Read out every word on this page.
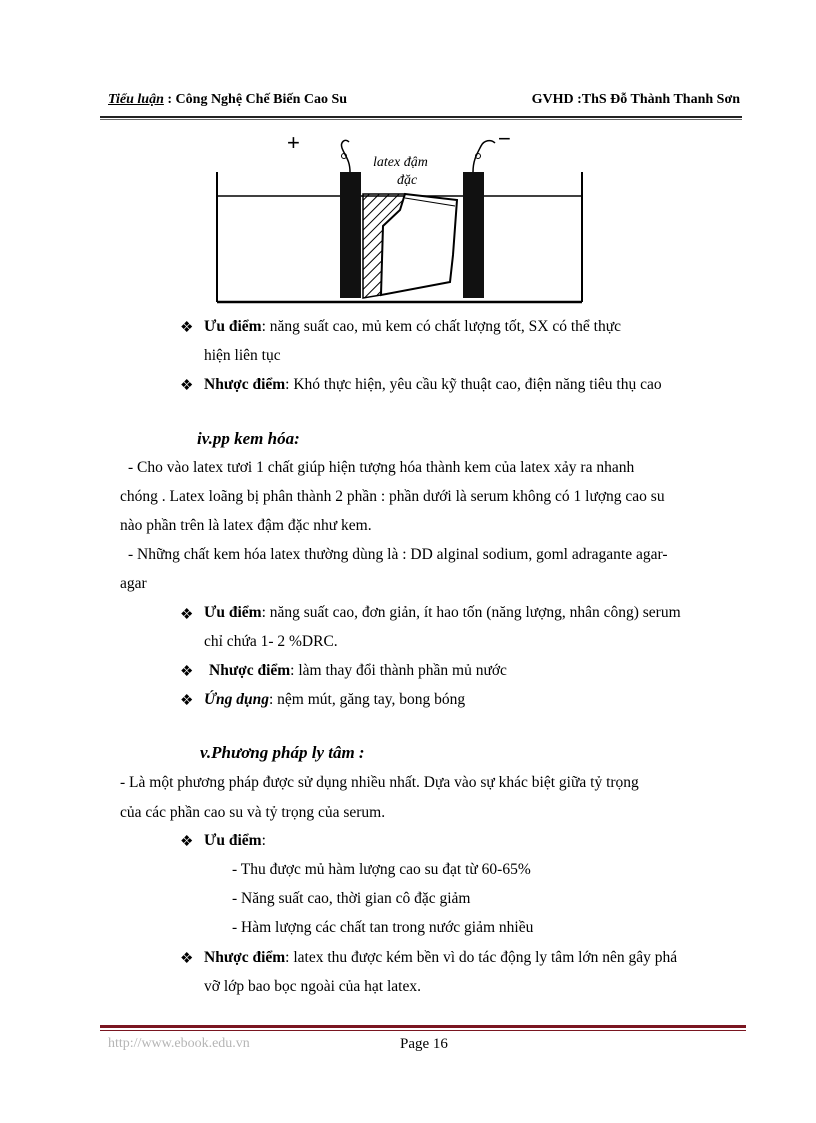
Tiểu luận : Công Nghệ Chế Biến Cao Su	GVHD :ThS Đỗ Thành Thanh Sơn
+	−
latex đậm
đặc
❖ Ưu điểm: năng suất cao, mủ kem có chất lượng tốt, SX có thể thực
hiện liên tục
❖ Nhược điểm: Khó thực hiện, yêu cầu kỹ thuật cao, điện năng tiêu thụ cao
iv.pp kem hóa:
- Cho vào latex tươi 1 chất giúp hiện tượng hóa thành kem của latex xảy ra nhanh
chóng . Latex loãng bị phân thành 2 phần : phần dưới là serum không có 1 lượng cao su
nào phần trên là latex đậm đặc như kem.
- Những chất kem hóa latex thường dùng là : DD alginal sodium, goml adragante agar-
agar
❖ Ưu điểm: năng suất cao, đơn giản, ít hao tốn (năng lượng, nhân công) serum
chỉ chứa 1- 2 %DRC.
❖ Nhược điểm: làm thay đổi thành phần mủ nước
❖ Ứng dụng: nệm mút, găng tay, bong bóng
v.Phương pháp ly tâm :
- Là một phương pháp được sử dụng nhiều nhất. Dựa vào sự khác biệt giữa tỷ trọng
của các phần cao su và tỷ trọng của serum.
❖ Ưu điểm:
- Thu được mủ hàm lượng cao su đạt từ 60-65%
- Năng suất cao, thời gian cô đặc giảm
- Hàm lượng các chất tan trong nước giảm nhiều
❖ Nhược điểm: latex thu được kém bền vì do tác động ly tâm lớn nên gây phá
vỡ lớp bao bọc ngoài của hạt latex.
http://www.ebook.edu.vn	Page 16
